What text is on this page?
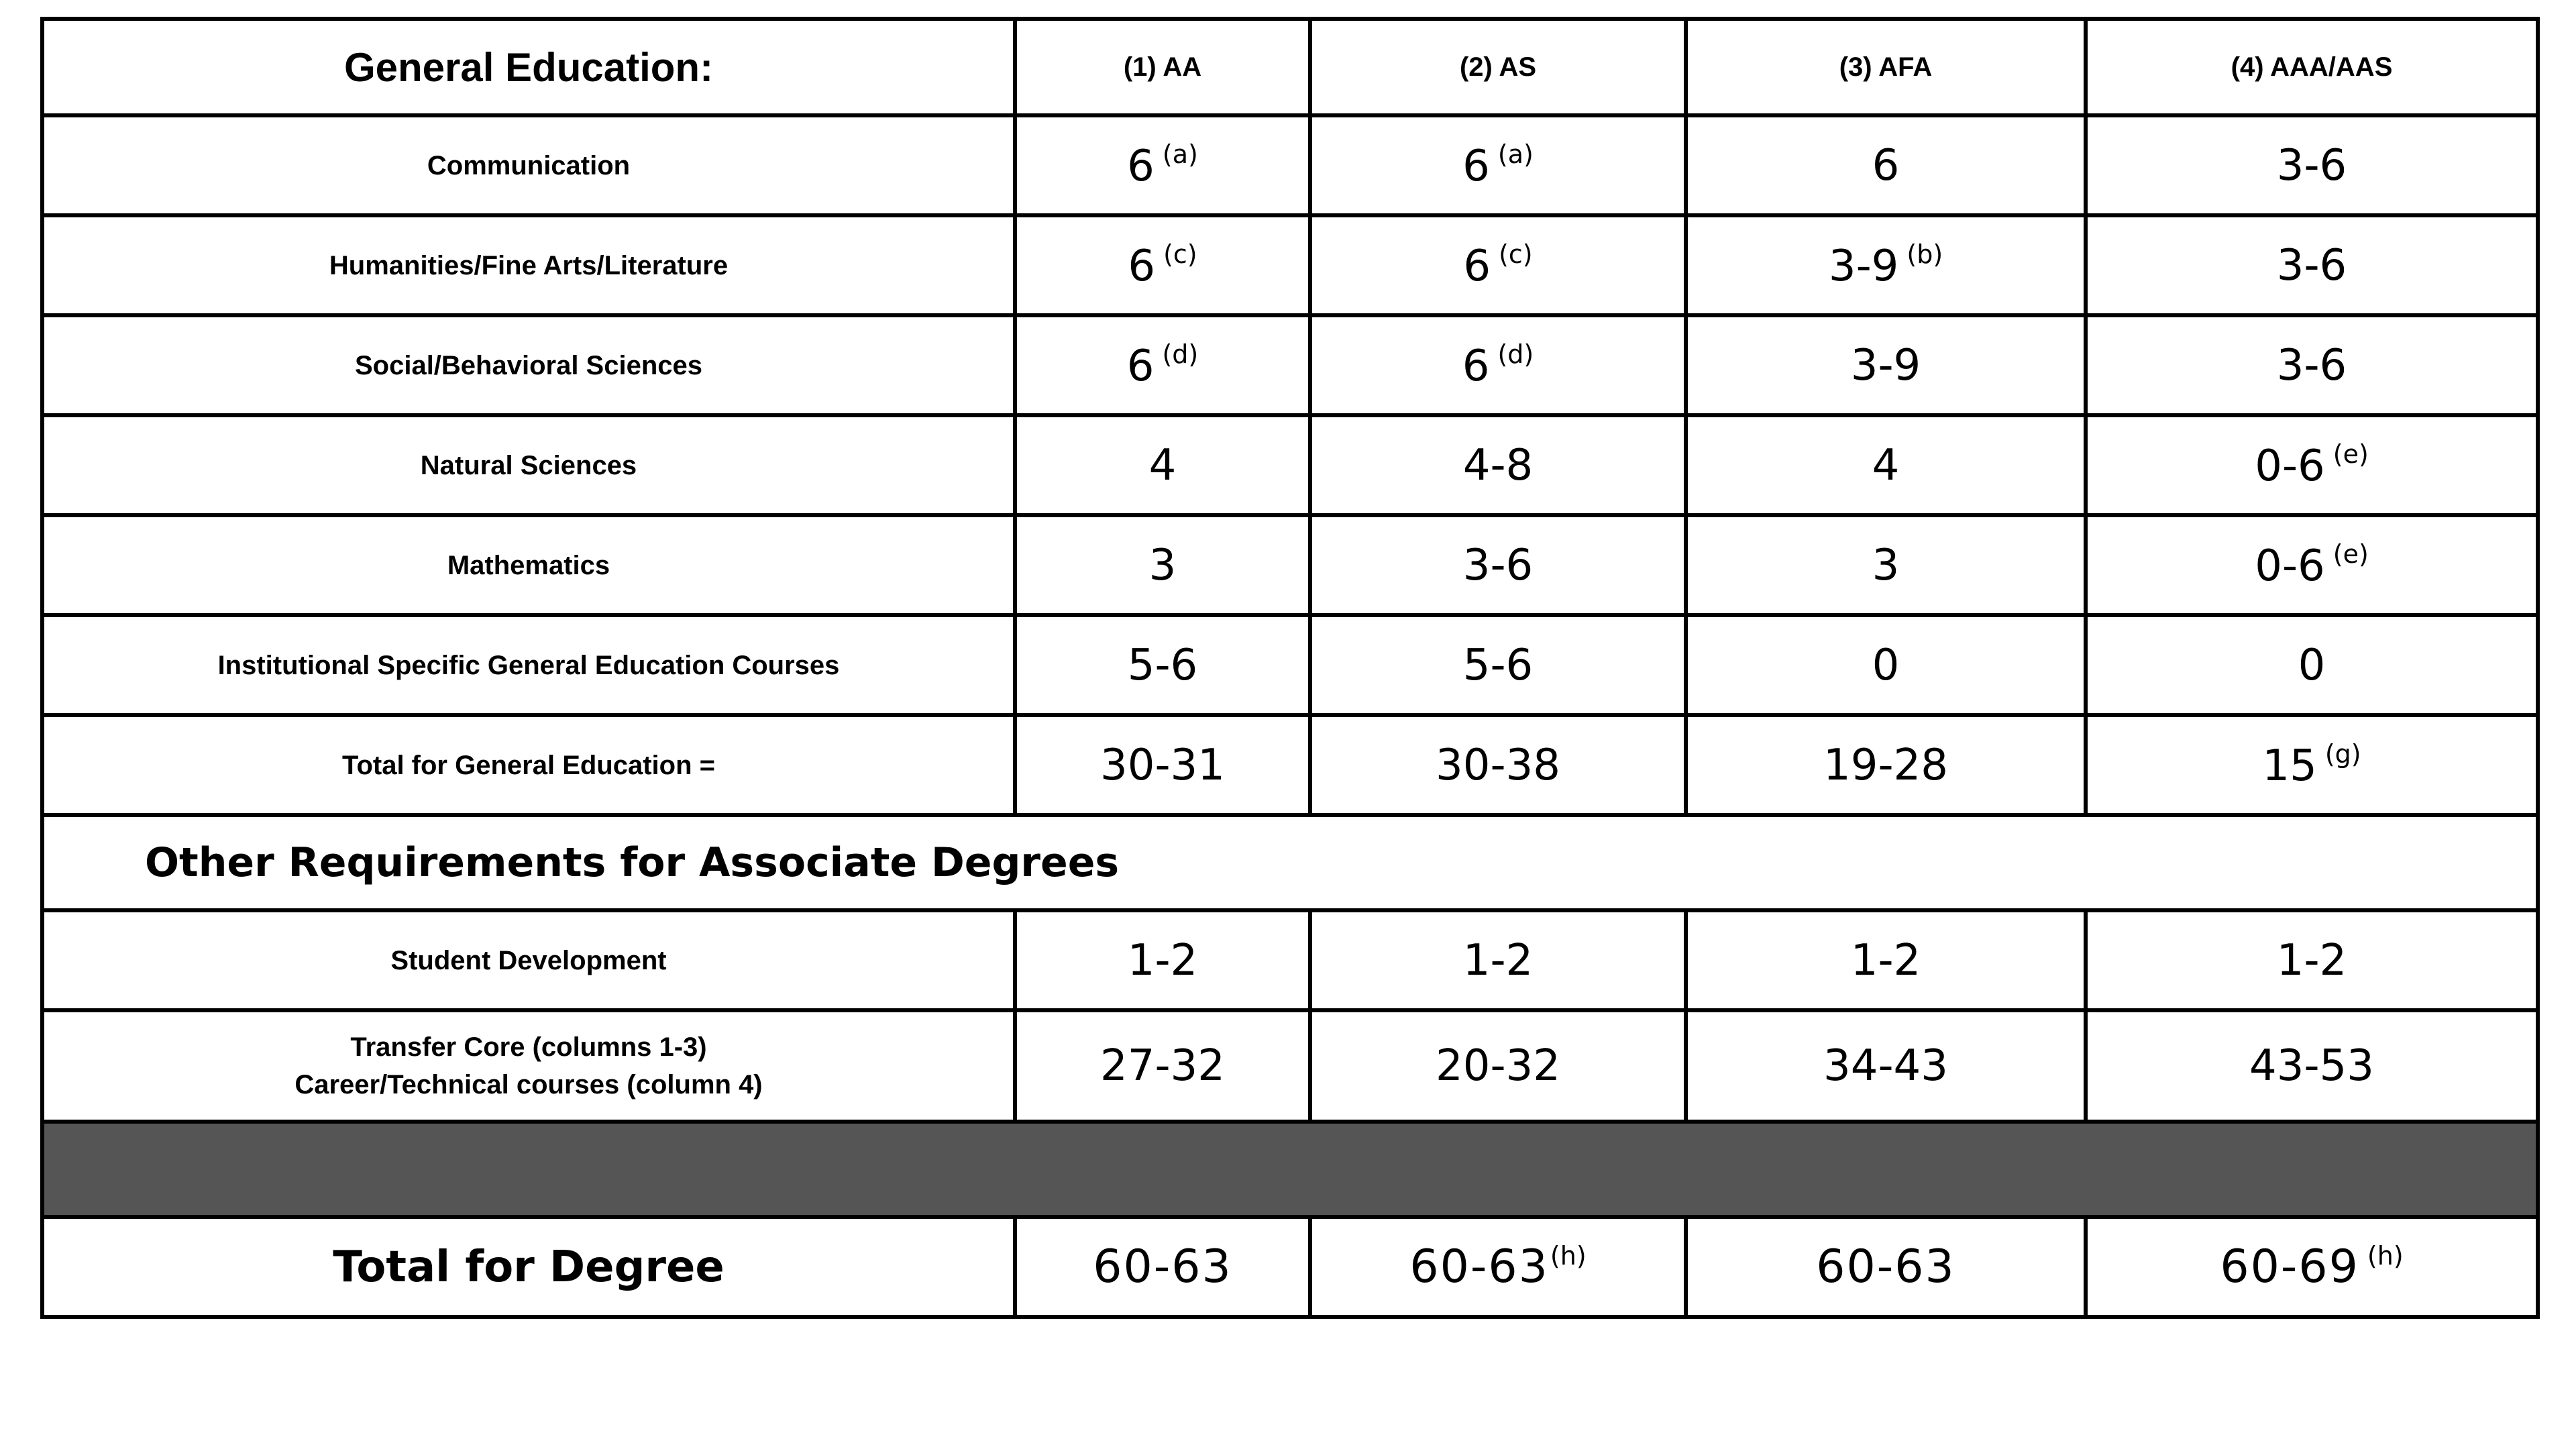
General Education:	(1) AA	(2) AS	(3) AFA	(4) AAA/AAS
Communication	6 $^{(a)}$	6 $^{(a)}$	6	3-6
Humanities/Fine Arts/Literature	6 $^{(c)}$	6 $^{(c)}$	3-9 $^{(b)}$	3-6
Social/Behavioral Sciences	6 $^{(d)}$	6 $^{(d)}$	3-9	3-6
Natural Sciences	4	4-8	4	0-6 $^{(e)}$
Mathematics	3	3-6	3	0-6 $^{(e)}$
Institutional Specific General Education Courses	5-6	5-6	0	0
Total for General Education =	30-31	30-38	19-28	15 $^{(g)}$
Other Requirements for Associate Degrees				
Student Development	1-2	1-2	1-2	1-2

Transfer Core (columns 1-3)
Career/Technical courses (column 4)	27-32	20-32	34-43	43-53

Total for Degree	60-63	60-63$^{(h)}$	60-63	60-69 $^{(h)}$
